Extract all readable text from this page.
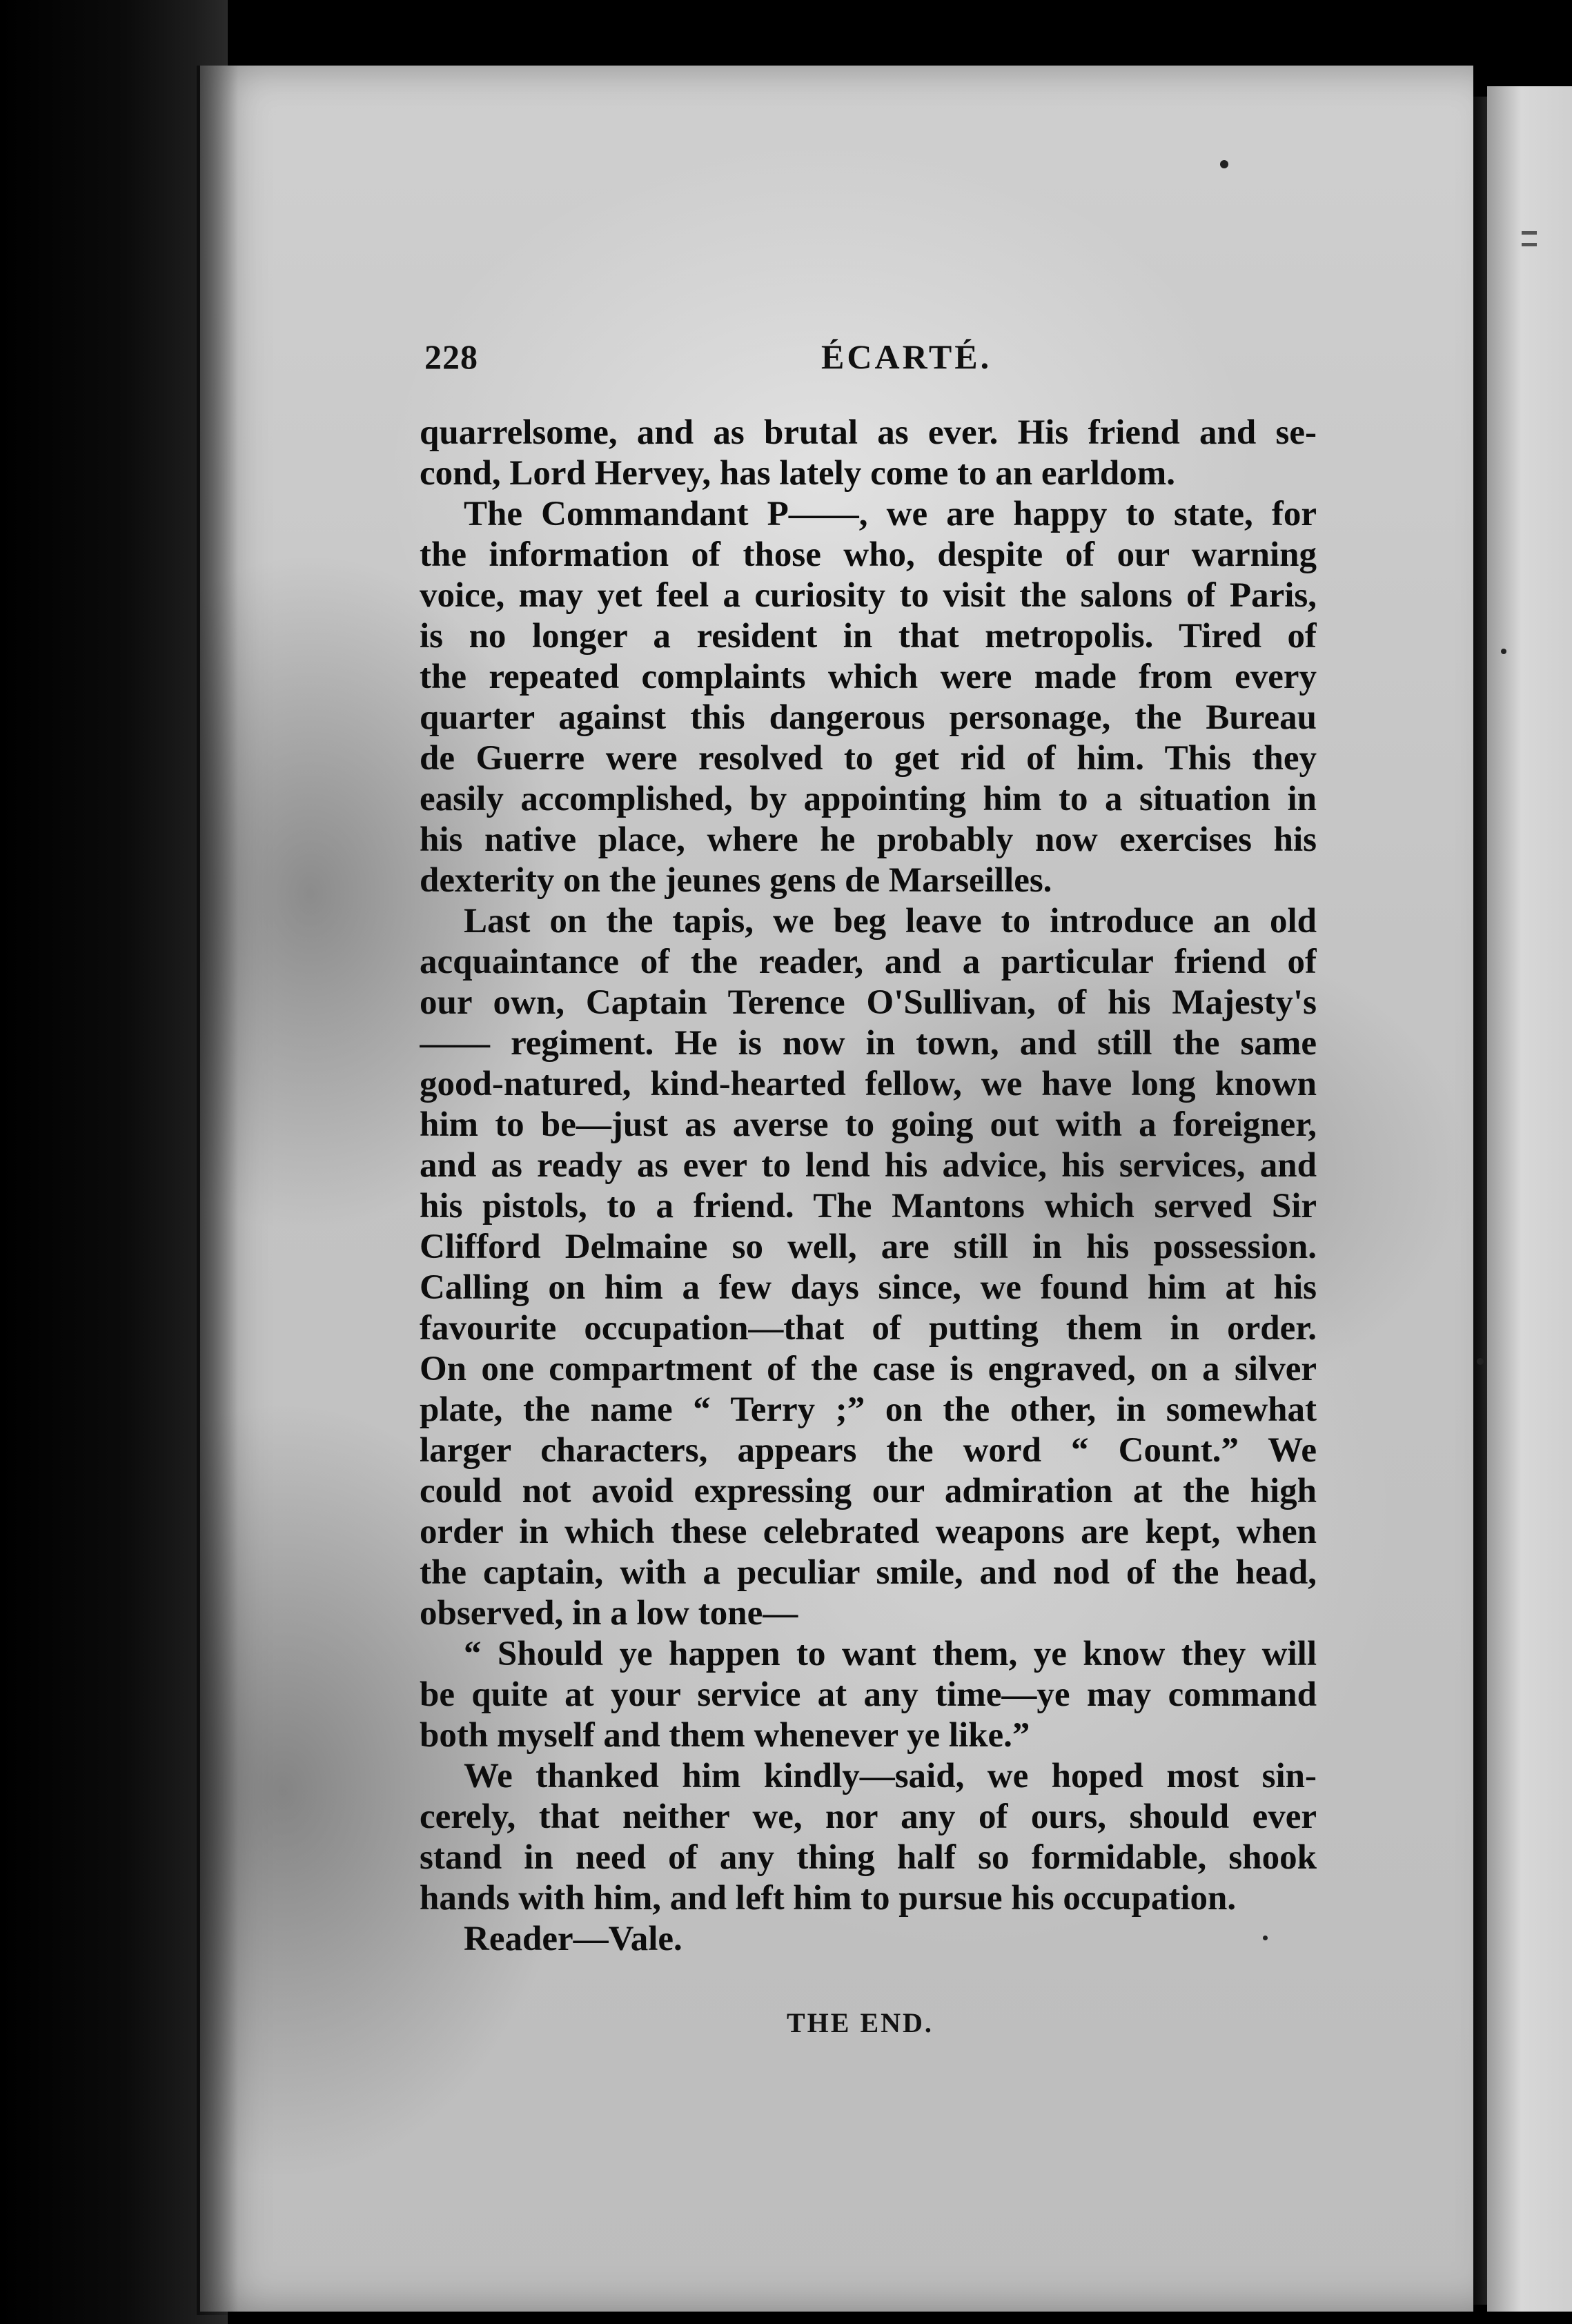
228	ÉCARTÉ.
quarrelsome, and as brutal as ever. His friend and se-
cond, Lord Hervey, has lately come to an earldom.
The Commandant P——, we are happy to state, for
the information of those who, despite of our warning
voice, may yet feel a curiosity to visit the salons of Paris,
is no longer a resident in that metropolis. Tired of
the repeated complaints which were made from every
quarter against this dangerous personage, the Bureau
de Guerre were resolved to get rid of him. This they
easily accomplished, by appointing him to a situation in
his native place, where he probably now exercises his
dexterity on the jeunes gens de Marseilles.
Last on the tapis, we beg leave to introduce an old
acquaintance of the reader, and a particular friend of
our own, Captain Terence O'Sullivan, of his Majesty's
—— regiment. He is now in town, and still the same
good-natured, kind-hearted fellow, we have long known
him to be—just as averse to going out with a foreigner,
and as ready as ever to lend his advice, his services, and
his pistols, to a friend. The Mantons which served Sir
Clifford Delmaine so well, are still in his possession.
Calling on him a few days since, we found him at his
favourite occupation—that of putting them in order.
On one compartment of the case is engraved, on a silver
plate, the name “ Terry ;” on the other, in somewhat
larger characters, appears the word “ Count.” We
could not avoid expressing our admiration at the high
order in which these celebrated weapons are kept, when
the captain, with a peculiar smile, and nod of the head,
observed, in a low tone—
“ Should ye happen to want them, ye know they will
be quite at your service at any time—ye may command
both myself and them whenever ye like.”
We thanked him kindly—said, we hoped most sin-
cerely, that neither we, nor any of ours, should ever
stand in need of any thing half so formidable, shook
hands with him, and left him to pursue his occupation.
Reader—Vale.
THE END.
